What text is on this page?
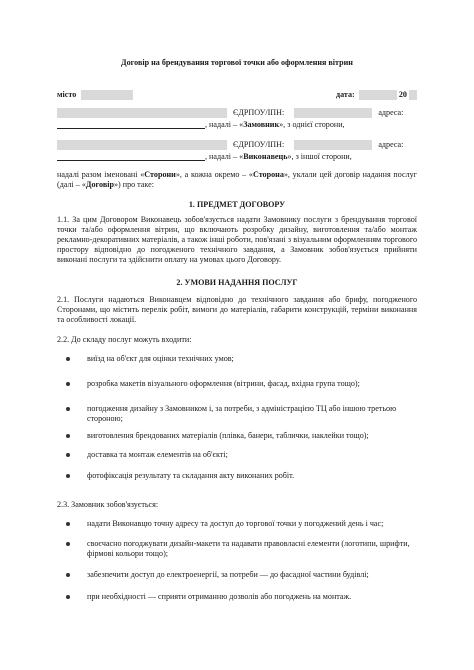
Договір на брендування торгової точки або оформлення вітрин
місто	дата:	20
ЄДРПОУ/ІПН:	адреса:
, надалі – «Замовник», з однієї сторони,
ЄДРПОУ/ІПН:	адреса:
, надалі – «Виконавець», з іншої сторони,
надалі разом іменовані «Сторони», а кожна окремо – «Сторона», уклали цей договір надання послуг (далі – «Договір») про таке:
1. ПРЕДМЕТ ДОГОВОРУ
1.1. За цим Договором Виконавець зобов'язується надати Замовнику послуги з брендування торгової точки та/або оформлення вітрин, що включають розробку дизайну, виготовлення та/або монтаж рекламно-декоративних матеріалів, а також інші роботи, пов'язані з візуальним оформленням торгового простору відповідно до погодженого технічного завдання, а Замовник зобов'язується прийняти виконані послуги та здійснити оплату на умовах цього Договору.
2. УМОВИ НАДАННЯ ПОСЛУГ
2.1. Послуги надаються Виконавцем відповідно до технічного завдання або брифу, погодженого Сторонами, що містить перелік робіт, вимоги до матеріалів, габарити конструкцій, терміни виконання та особливості локації.
2.2. До складу послуг можуть входити:
виїзд на об'єкт для оцінки технічних умов;
розробка макетів візуального оформлення (вітрини, фасад, вхідна група тощо);
погодження дизайну з Замовником і, за потреби, з адміністрацією ТЦ або іншою третьою стороною;
виготовлення брендованих матеріалів (плівка, банери, таблички, наклейки тощо);
доставка та монтаж елементів на об'єкті;
фотофіксація результату та складання акту виконаних робіт.
2.3. Замовник зобов'язується:
надати Виконавцю точну адресу та доступ до торгової точки у погоджений день і час;
своєчасно погоджувати дизайн-макети та надавати правовласні елементи (логотипи, шрифти, фірмові кольори тощо);
забезпечити доступ до електроенергії, за потреби — до фасадної частини будівлі;
при необхідності — сприяти отриманню дозволів або погоджень на монтаж.
